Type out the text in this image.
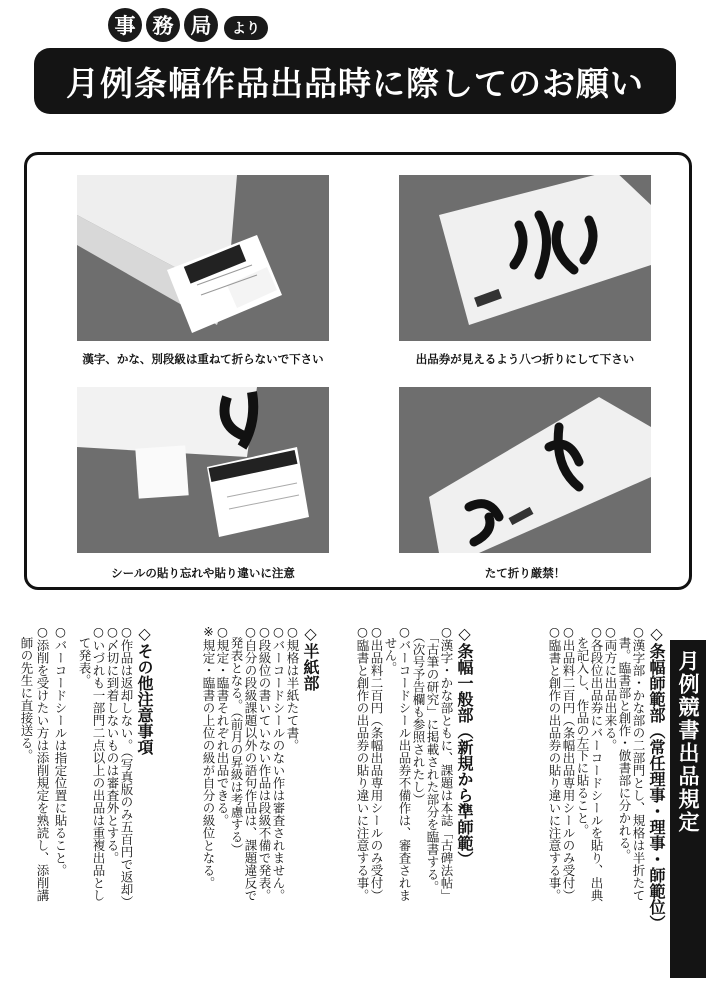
事 務 局	より
月例条幅作品出品時に際してのお願い
漢字、かな、別段級は重ねて折らないで下さい	出品券が見えるよう八つ折りにして下さい
シールの貼り忘れや貼り違いに注意	たて折り厳禁！
月例競書出品規定
◇条幅師範部（常任理事・理事・師範位）
○漢字部・かな部の二部門とし、規格は半折たて
　書。臨書部と創作・倣書部に分かれる。
○両方に出品出来る。
○各段位出品券にバーコードシールを貼り、出典
　を記入し、作品の左下に貼ること。
○出品料二百円（条幅出品専用シールのみ受付）
○臨書と創作の出品券の貼り違いに注意する事。
◇条幅一般部（新規から準師範）
○漢字・かな部ともに、課題は本誌「古碑法帖」
　「古筆の研究」に掲載された部分を臨書する。
　（次号予告欄も参照されたし）
○バーコードシール出品券不備作は、審査されま
　せん。
○出品料二百円（条幅出品専用シールのみ受付）
○臨書と創作の出品券の貼り違いに注意する事。
◇半紙部
○規格は半紙たて書。
○バーコードシールのない作は審査されません。
○段級位の書いていない作品は段級不備で発表。
○自分の段級課題以外の語句作品は、課題違反で
　発表となる。（前月の昇級は考慮する）
○規定・臨書それぞれ出品できる。
※規定・臨書の上位の級が自分の級位となる。
◇その他注意事項
○作品は返却しない。（写真版のみ五百円で返却）
○〆切に到着しないものは審査外とする。
○いづれも一部門二点以上の出品は重複出品とし
　て発表。
○バーコードシールは指定位置に貼ること。
○添削を受けたい方は添削規定を熟読し、添削講
　師の先生に直接送る。
